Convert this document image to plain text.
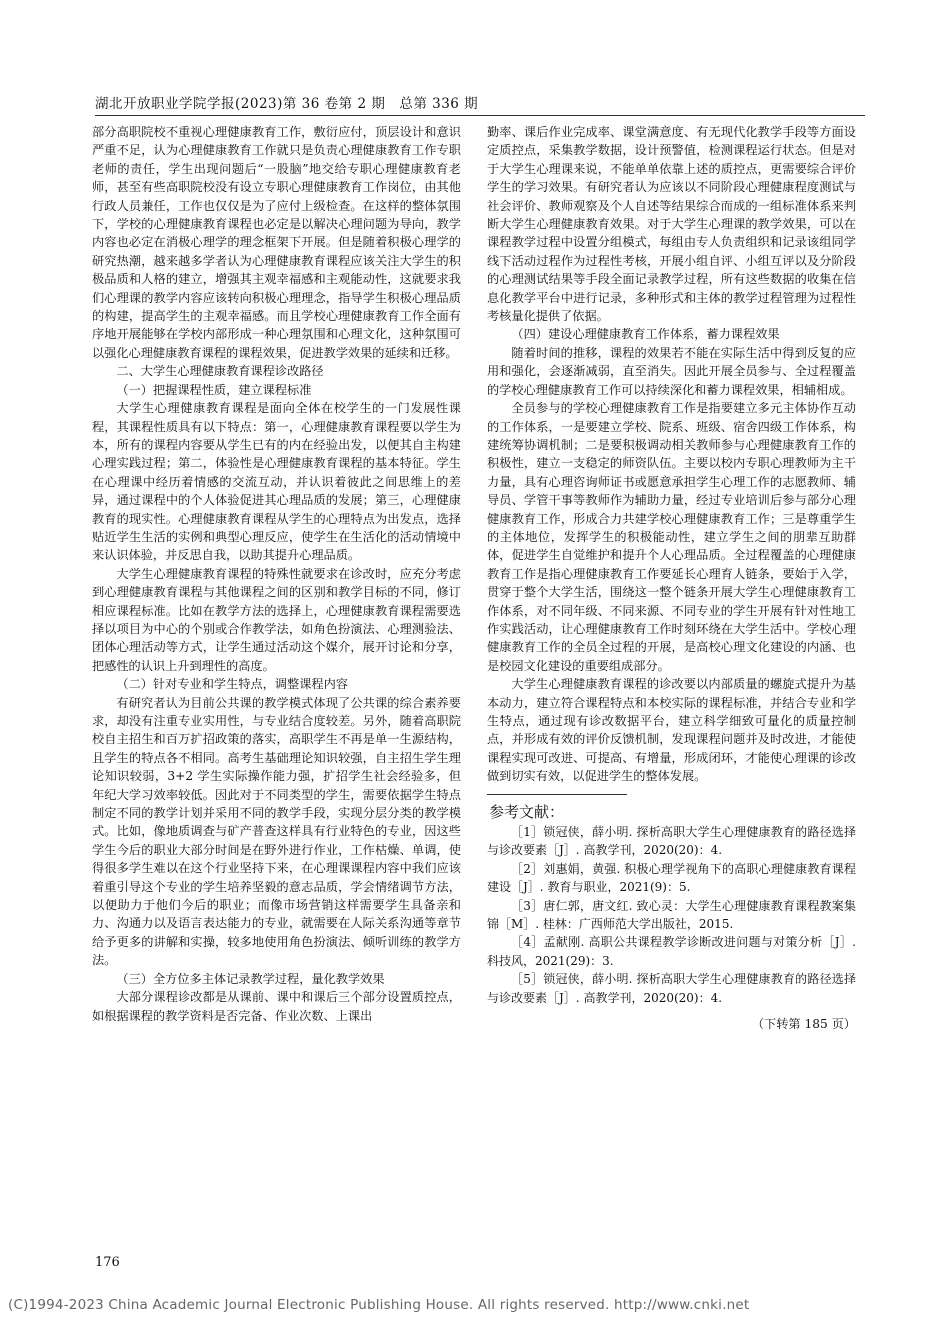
湖北开放职业学院学报(2023)第 36 卷第 2 期　总第 336 期

部分高职院校不重视心理健康教育工作，敷衍应付，顶层设计和意识严重不足，认为心理健康教育工作就只是负责心理健康教育工作专职老师的责任，学生出现问题后“一股脑”地交给专职心理健康教育老师，甚至有些高职院校没有设立专职心理健康教育工作岗位，由其他行政人员兼任，工作也仅仅是为了应付上级检查。在这样的整体氛围下，学校的心理健康教育课程也必定是以解决心理问题为导向，教学内容也必定在消极心理学的理念框架下开展。但是随着积极心理学的研究热潮，越来越多学者认为心理健康教育课程应该关注大学生的积极品质和人格的建立，增强其主观幸福感和主观能动性，这就要求我们心理课的教学内容应该转向积极心理理念，指导学生积极心理品质的构建，提高学生的主观幸福感。而且学校心理健康教育工作全面有序地开展能够在学校内部形成一种心理氛围和心理文化，这种氛围可以强化心理健康教育课程的课程效果，促进教学效果的延续和迁移。

二、大学生心理健康教育课程诊改路径
（一）把握课程性质，建立课程标准

大学生心理健康教育课程是面向全体在校学生的一门发展性课程，其课程性质具有以下特点：第一，心理健康教育课程要以学生为本，所有的课程内容要从学生已有的内在经验出发，以便其自主构建心理实践过程；第二，体验性是心理健康教育课程的基本特征。学生在心理课中经历着情感的交流互动，并认识着彼此之间思维上的差异，通过课程中的个人体验促进其心理品质的发展；第三，心理健康教育的现实性。心理健康教育课程从学生的心理特点为出发点，选择贴近学生生活的实例和典型心理反应，使学生在生活化的活动情境中来认识体验，并反思自我，以助其提升心理品质。

大学生心理健康教育课程的特殊性就要求在诊改时，应充分考虑到心理健康教育课程与其他课程之间的区别和教学目标的不同，修订相应课程标准。比如在教学方法的选择上，心理健康教育课程需要选择以项目为中心的个别或合作教学法，如角色扮演法、心理测验法、团体心理活动等方式，让学生通过活动这个媒介，展开讨论和分享，把感性的认识上升到理性的高度。

（二）针对专业和学生特点，调整课程内容

有研究者认为目前公共课的教学模式体现了公共课的综合素养要求，却没有注重专业实用性，与专业结合度较差。另外，随着高职院校自主招生和百万扩招政策的落实，高职学生不再是单一生源结构，且学生的特点各不相同。高考生基础理论知识较强，自主招生学生理论知识较弱，3+2 学生实际操作能力强，扩招学生社会经验多，但年纪大学习效率较低。因此对于不同类型的学生，需要依据学生特点制定不同的教学计划并采用不同的教学手段，实现分层分类的教学模式。比如，像地质调查与矿产普查这样具有行业特色的专业，因这些学生今后的职业大部分时间是在野外进行作业，工作枯燥、单调，使得很多学生难以在这个行业坚持下来，在心理课课程内容中我们应该着重引导这个专业的学生培养坚毅的意志品质，学会情绪调节方法，以便助力于他们今后的职业；而像市场营销这样需要学生具备亲和力、沟通力以及语言表达能力的专业，就需要在人际关系沟通等章节给予更多的讲解和实操，较多地使用角色扮演法、倾听训练的教学方法。

（三）全方位多主体记录教学过程，量化教学效果

大部分课程诊改都是从课前、课中和课后三个部分设置质控点，如根据课程的教学资料是否完备、作业次数、上课出

勤率、课后作业完成率、课堂满意度、有无现代化教学手段等方面设定质控点，采集教学数据，设计预警值，检测课程运行状态。但是对于大学生心理课来说，不能单单依靠上述的质控点，更需要综合评价学生的学习效果。有研究者认为应该以不同阶段心理健康程度测试与社会评价、教师观察及个人自述等结果综合而成的一组标准体系来判断大学生心理健康教育效果。对于大学生心理课的教学效果，可以在课程教学过程中设置分组模式，每组由专人负责组织和记录该组同学线下活动过程作为过程性考核，开展小组自评、小组互评以及分阶段的心理测试结果等手段全面记录教学过程，所有这些数据的收集在信息化教学平台中进行记录，多种形式和主体的教学过程管理为过程性考核量化提供了依据。

（四）建设心理健康教育工作体系，蓄力课程效果

随着时间的推移，课程的效果若不能在实际生活中得到反复的应用和强化，会逐渐减弱，直至消失。因此开展全员参与、全过程覆盖的学校心理健康教育工作可以持续深化和蓄力课程效果，相辅相成。

全员参与的学校心理健康教育工作是指要建立多元主体协作互动的工作体系，一是要建立学校、院系、班级、宿舍四级工作体系，构建统筹协调机制；二是要积极调动相关教师参与心理健康教育工作的积极性，建立一支稳定的师资队伍。主要以校内专职心理教师为主干力量，具有心理咨询师证书或愿意承担学生心理工作的志愿教师、辅导员、学管干事等教师作为辅助力量，经过专业培训后参与部分心理健康教育工作，形成合力共建学校心理健康教育工作；三是尊重学生的主体地位，发挥学生的积极能动性，建立学生之间的朋辈互助群体，促进学生自觉维护和提升个人心理品质。全过程覆盖的心理健康教育工作是指心理健康教育工作要延长心理育人链条，要始于入学，贯穿于整个大学生活，围绕这一整个链条开展大学生心理健康教育工作体系，对不同年级、不同来源、不同专业的学生开展有针对性地工作实践活动，让心理健康教育工作时刻环绕在大学生活中。学校心理健康教育工作的全员全过程的开展，是高校心理文化建设的内涵、也是校园文化建设的重要组成部分。

大学生心理健康教育课程的诊改要以内部质量的螺旋式提升为基本动力，建立符合课程特点和本校实际的课程标准，并结合专业和学生特点，通过现有诊改数据平台，建立科学细致可量化的质量控制点，并形成有效的评价反馈机制，发现课程问题并及时改进，才能使课程实现可改进、可提高、有增量，形成闭环，才能使心理课的诊改做到切实有效，以促进学生的整体发展。

参考文献：

［1］锁冠侠，薛小明. 探析高职大学生心理健康教育的路径选择与诊改要素［J］. 高教学刊，2020(20)：4.

［2］刘惠娟，黄强. 积极心理学视角下的高职心理健康教育课程建设［J］. 教育与职业，2021(9)：5.

［3］唐仁郭，唐文红. 致心灵：大学生心理健康教育课程教案集锦［M］. 桂林：广西师范大学出版社，2015.

［4］孟献刚. 高职公共课程教学诊断改进问题与对策分析［J］. 科技风，2021(29)：3.

［5］锁冠侠，薛小明. 探析高职大学生心理健康教育的路径选择与诊改要素［J］. 高教学刊，2020(20)：4.

（下转第 185 页）
176
(C)1994-2023 China Academic Journal Electronic Publishing House. All rights reserved. http://www.cnki.net
